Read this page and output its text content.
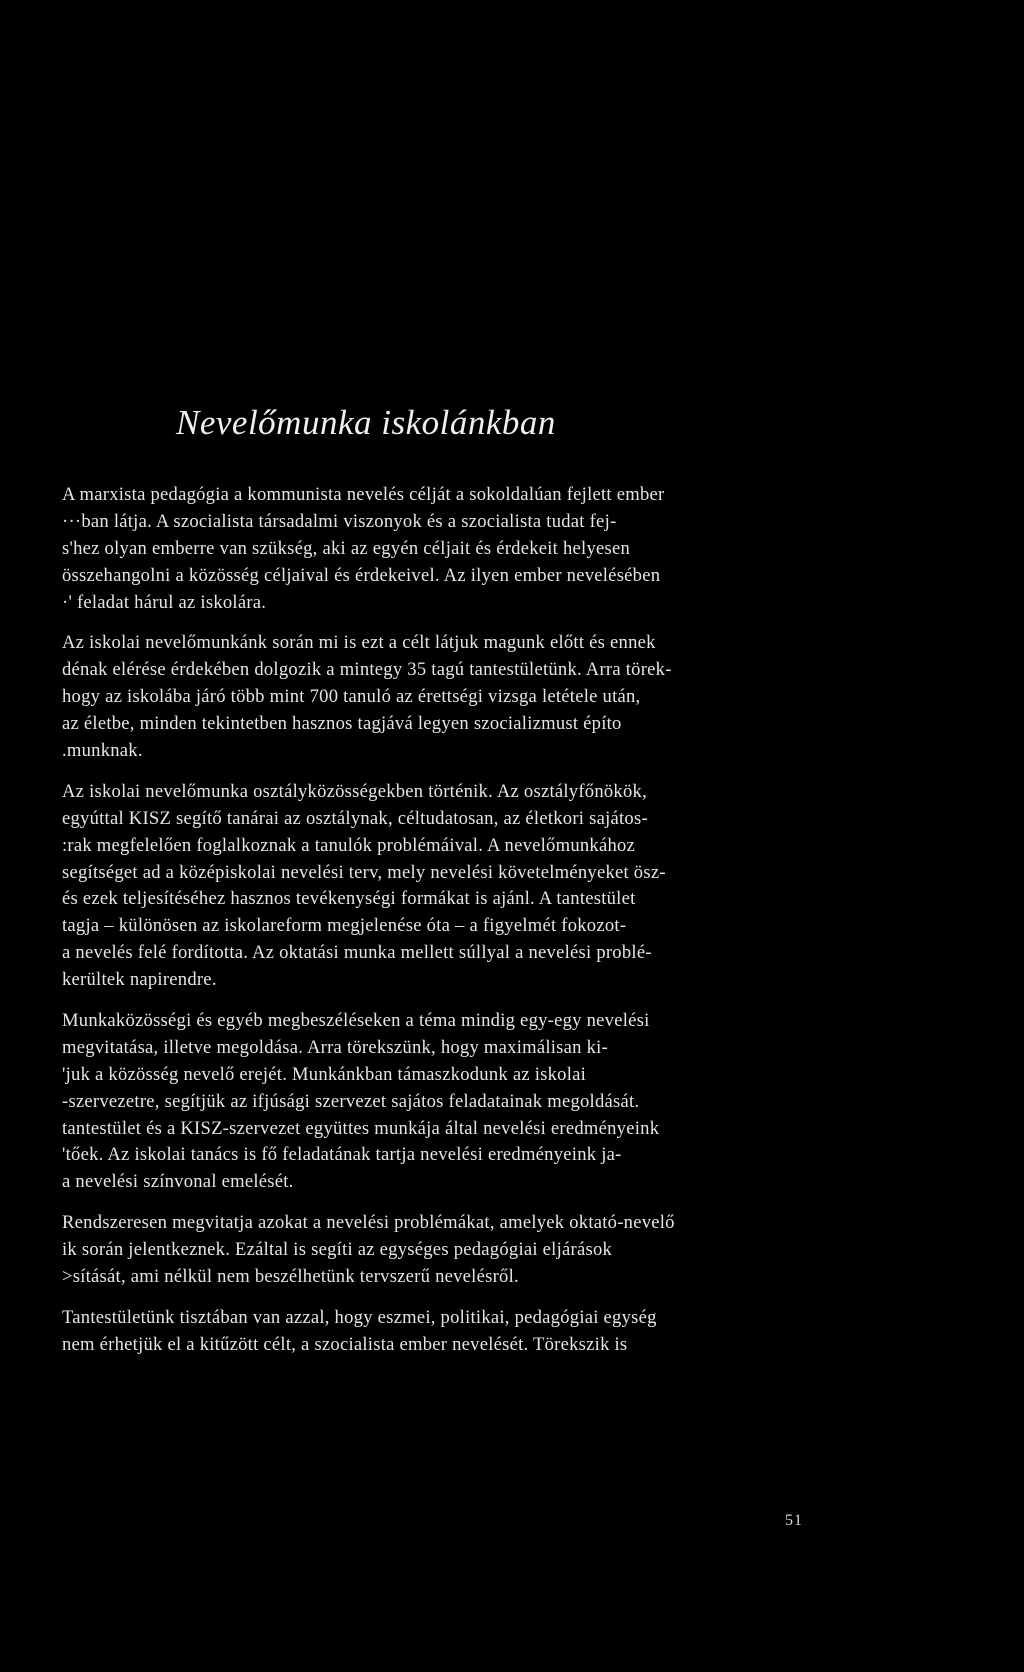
Nevelőmunka iskolánkban
A marxista pedagógia a kommunista nevelés célját a sokoldalúan fejlett ember
···ban látja. A szocialista társadalmi viszonyok és a szocialista tudat fej-
s'hez olyan emberre van szükség, aki az egyén céljait és érdekeit helyesen
összehangolni a közösség céljaival és érdekeivel. Az ilyen ember nevelésében
·' feladat hárul az iskolára.
Az iskolai nevelőmunkánk során mi is ezt a célt látjuk magunk előtt és ennek
dénak elérése érdekében dolgozik a mintegy 35 tagú tantestületünk. Arra törek-
hogy az iskolába járó több mint 700 tanuló az érettségi vizsga letétele után,
az életbe, minden tekintetben hasznos tagjává legyen szocializmust építo
.munknak.
Az iskolai nevelőmunka osztályközösségekben történik. Az osztályfőnökök,
egyúttal KISZ segítő tanárai az osztálynak, céltudatosan, az életkori sajátos-
:rak megfelelően foglalkoznak a tanulók problémáival. A nevelőmunkához
segítséget ad a középiskolai nevelési terv, mely nevelési követelményeket ösz-
és ezek teljesítéséhez hasznos tevékenységi formákat is ajánl. A tantestület
tagja – különösen az iskolareform megjelenése óta – a figyelmét fokozot-
a nevelés felé fordította. Az oktatási munka mellett súllyal a nevelési problé-
kerültek napirendre.
Munkaközösségi és egyéb megbeszéléseken a téma mindig egy-egy nevelési
megvitatása, illetve megoldása. Arra törekszünk, hogy maximálisan ki-
'juk a közösség nevelő erejét. Munkánkban támaszkodunk az iskolai
-szervezetre, segítjük az ifjúsági szervezet sajátos feladatainak megoldását.
tantestület és a KISZ-szervezet együttes munkája által nevelési eredményeink
'tőek. Az iskolai tanács is fő feladatának tartja nevelési eredményeink ja-
a nevelési színvonal emelését.
Rendszeresen megvitatja azokat a nevelési problémákat, amelyek oktató-nevelő
ik során jelentkeznek. Ezáltal is segíti az egységes pedagógiai eljárások
>sítását, ami nélkül nem beszélhetünk tervszerű nevelésről.
Tantestületünk tisztában van azzal, hogy eszmei, politikai, pedagógiai egység
nem érhetjük el a kitűzött célt, a szocialista ember nevelését. Törekszik is
51
